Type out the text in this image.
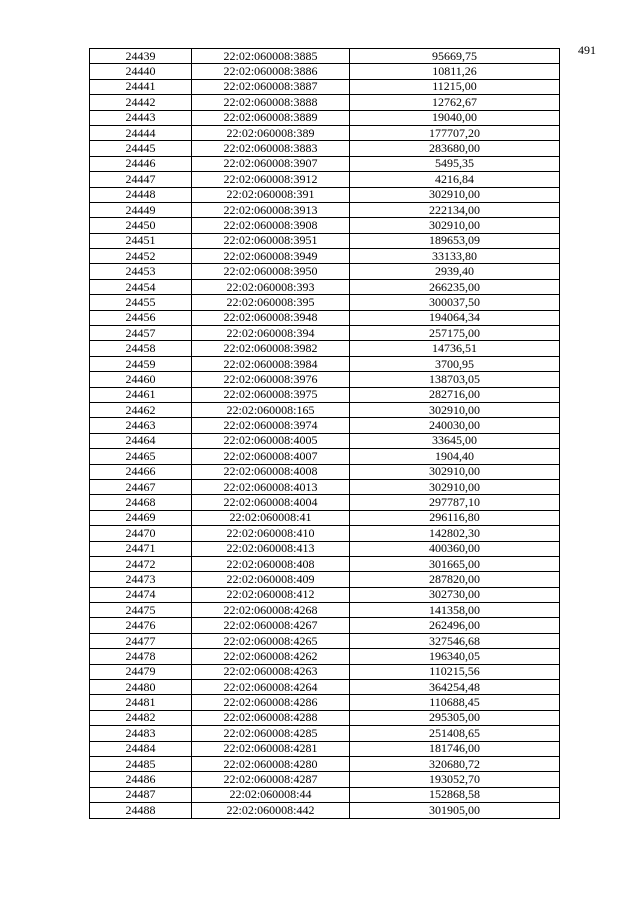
491
24439	22:02:060008:3885	95669,75
24440	22:02:060008:3886	10811,26
24441	22:02:060008:3887	11215,00
24442	22:02:060008:3888	12762,67
24443	22:02:060008:3889	19040,00
24444	22:02:060008:389	177707,20
24445	22:02:060008:3883	283680,00
24446	22:02:060008:3907	5495,35
24447	22:02:060008:3912	4216,84
24448	22:02:060008:391	302910,00
24449	22:02:060008:3913	222134,00
24450	22:02:060008:3908	302910,00
24451	22:02:060008:3951	189653,09
24452	22:02:060008:3949	33133,80
24453	22:02:060008:3950	2939,40
24454	22:02:060008:393	266235,00
24455	22:02:060008:395	300037,50
24456	22:02:060008:3948	194064,34
24457	22:02:060008:394	257175,00
24458	22:02:060008:3982	14736,51
24459	22:02:060008:3984	3700,95
24460	22:02:060008:3976	138703,05
24461	22:02:060008:3975	282716,00
24462	22:02:060008:165	302910,00
24463	22:02:060008:3974	240030,00
24464	22:02:060008:4005	33645,00
24465	22:02:060008:4007	1904,40
24466	22:02:060008:4008	302910,00
24467	22:02:060008:4013	302910,00
24468	22:02:060008:4004	297787,10
24469	22:02:060008:41	296116,80
24470	22:02:060008:410	142802,30
24471	22:02:060008:413	400360,00
24472	22:02:060008:408	301665,00
24473	22:02:060008:409	287820,00
24474	22:02:060008:412	302730,00
24475	22:02:060008:4268	141358,00
24476	22:02:060008:4267	262496,00
24477	22:02:060008:4265	327546,68
24478	22:02:060008:4262	196340,05
24479	22:02:060008:4263	110215,56
24480	22:02:060008:4264	364254,48
24481	22:02:060008:4286	110688,45
24482	22:02:060008:4288	295305,00
24483	22:02:060008:4285	251408,65
24484	22:02:060008:4281	181746,00
24485	22:02:060008:4280	320680,72
24486	22:02:060008:4287	193052,70
24487	22:02:060008:44	152868,58
24488	22:02:060008:442	301905,00
